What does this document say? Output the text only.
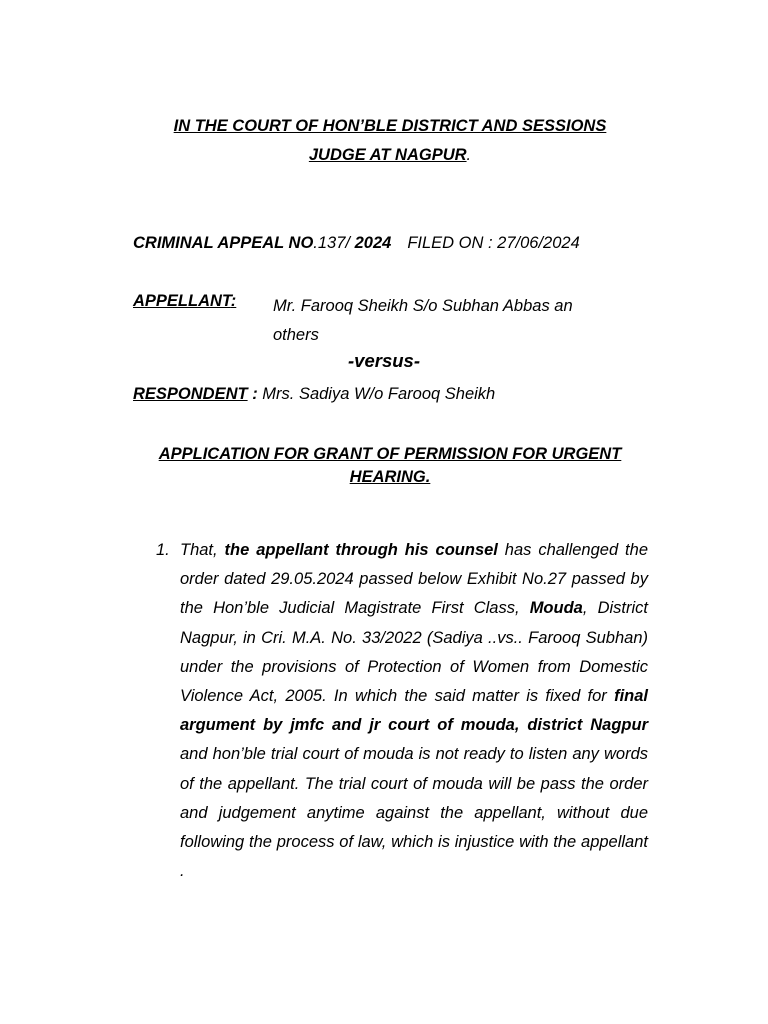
IN THE COURT OF HON’BLE DISTRICT AND SESSIONS
JUDGE AT NAGPUR.

CRIMINAL APPEAL NO.137/ 2024 FILED ON : 27/06/2024

APPELLANT: Mr. Farooq Sheikh S/o Subhan Abbas an
others

-versus-

RESPONDENT : Mrs. Sadiya W/o Farooq Sheikh

APPLICATION FOR GRANT OF PERMISSION FOR URGENT
HEARING.

1. That, the appellant through his counsel has challenged the order dated 29.05.2024 passed below Exhibit No.27 passed by the Hon’ble Judicial Magistrate First Class, Mouda, District Nagpur, in Cri. M.A. No. 33/2022 (Sadiya ..vs.. Farooq Subhan) under the provisions of Protection of Women from Domestic Violence Act, 2005. In which the said matter is fixed for final argument by jmfc and jr court of mouda, district Nagpur and hon’ble trial court of mouda is not ready to listen any words of the appellant. The trial court of mouda will be pass the order and judgement anytime against the appellant, without due following the process of law, which is injustice with the appellant .
